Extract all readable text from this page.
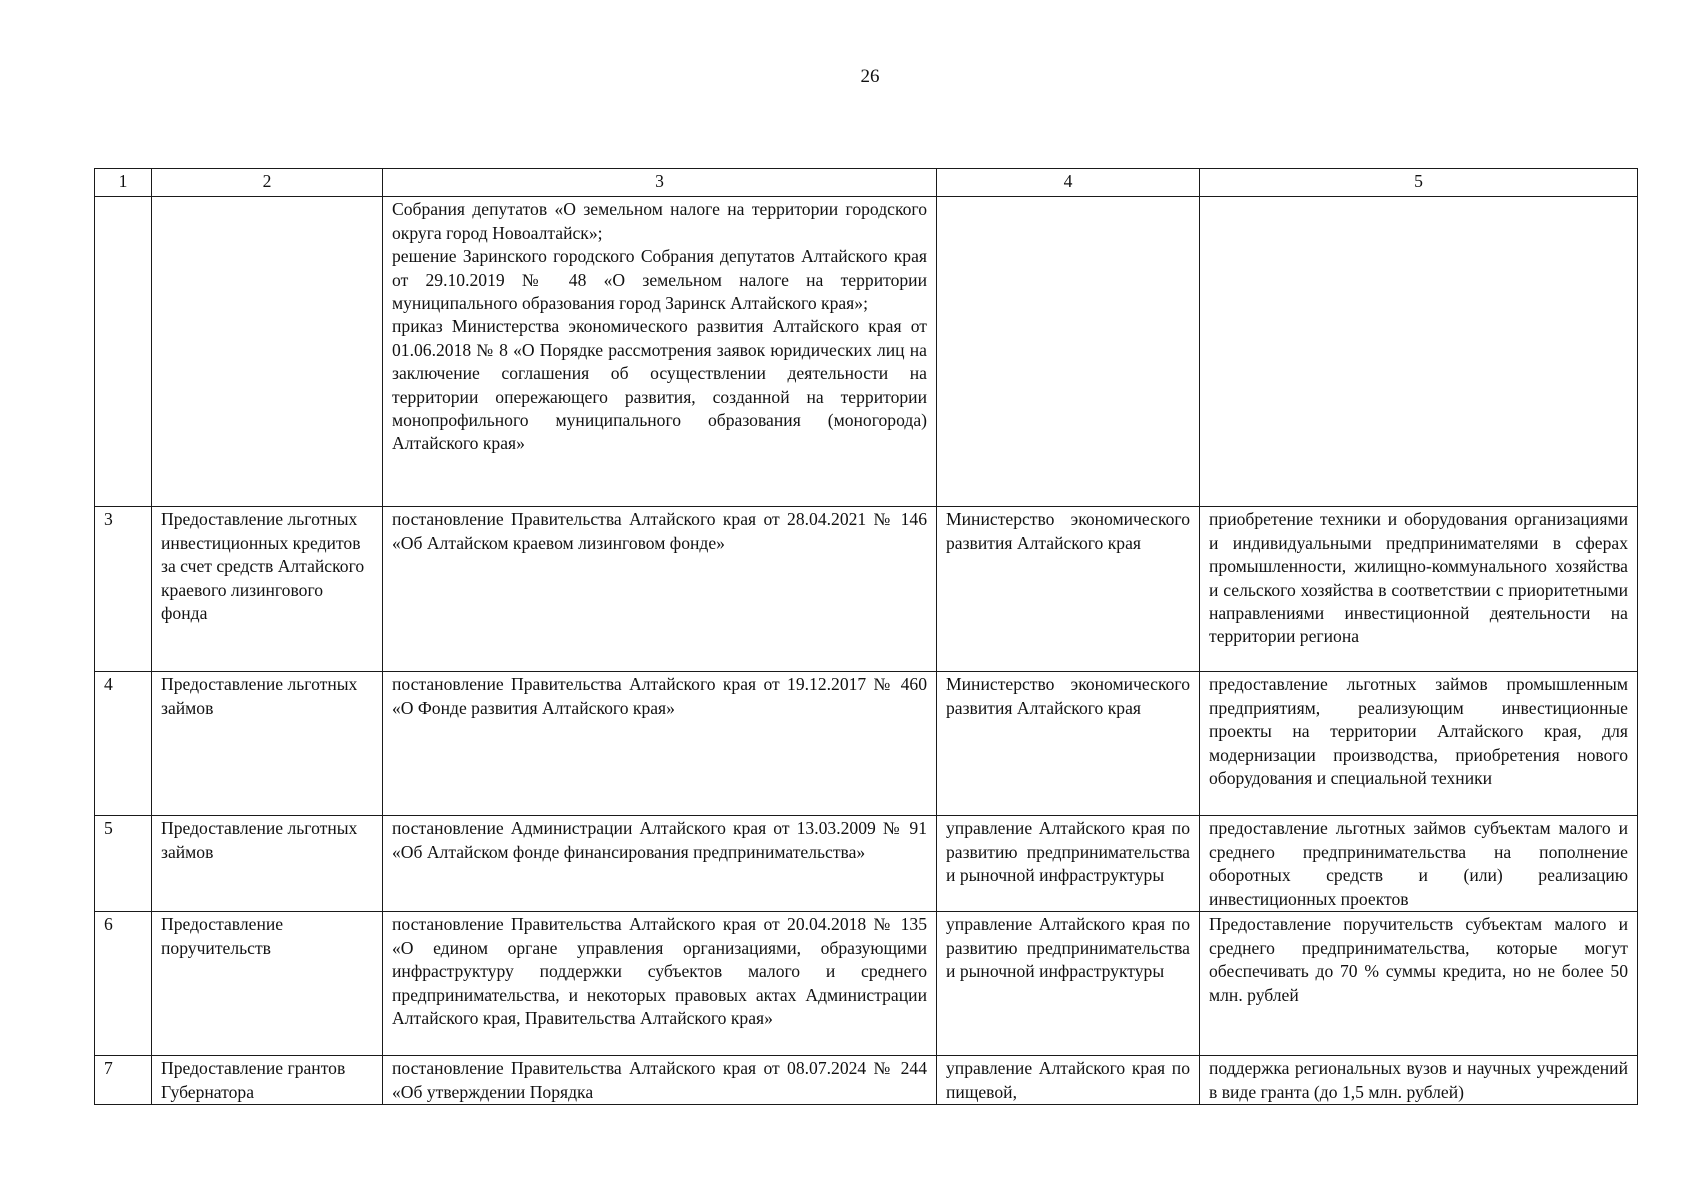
26
1	2	3	4	5
		Собрания депутатов «О земельном налоге на территории городского округа город Новоалтайск»;
решение Заринского городского Собрания депутатов Алтайского края от 29.10.2019 № 48 «О земельном налоге на территории муниципального образования город Заринск Алтайского края»;
приказ Министерства экономического развития Алтайского края от 01.06.2018 № 8 «О Порядке рассмотрения заявок юридических лиц на заключение соглашения об осуществлении деятельности на территории опережающего развития, созданной на территории монопрофильного муниципального образования (моногорода) Алтайского края»		
3	Предоставление льготных инвестиционных кредитов за счет средств Алтайского краевого лизингового фонда	постановление Правительства Алтайского края от 28.04.2021 № 146 «Об Алтайском краевом лизинговом фонде»	Министерство экономического развития Алтайского края	приобретение техники и оборудования организациями и индивидуальными предпринимателями в сферах промышленности, жилищно-коммунального хозяйства и сельского хозяйства в соответствии с приоритетными направлениями инвестиционной деятельности на территории региона
4	Предоставление льготных займов	постановление Правительства Алтайского края от 19.12.2017 № 460 «О Фонде развития Алтайского края»	Министерство экономического развития Алтайского края	предоставление льготных займов промышленным предприятиям, реализующим инвестиционные проекты на территории Алтайского края, для модернизации производства, приобретения нового оборудования и специальной техники
5	Предоставление льготных займов	постановление Администрации Алтайского края от 13.03.2009 № 91 «Об Алтайском фонде финансирования предпринимательства»	управление Алтайского края по развитию предпринимательства и рыночной инфраструктуры	предоставление льготных займов субъектам малого и среднего предпринимательства на пополнение оборотных средств и (или) реализацию инвестиционных проектов
6	Предоставление поручительств	постановление Правительства Алтайского края от 20.04.2018 № 135 «О едином органе управления организациями, образующими инфраструктуру поддержки субъектов малого и среднего предпринимательства, и некоторых правовых актах Администрации Алтайского края, Правительства Алтайского края»	управление Алтайского края по развитию предпринимательства и рыночной инфраструктуры	Предоставление поручительств субъектам малого и среднего предпринимательства, которые могут обеспечивать до 70 % суммы кредита, но не более 50 млн. рублей
7	Предоставление грантов Губернатора	постановление Правительства Алтайского края от 08.07.2024 № 244 «Об утверждении Порядка	управление Алтайского края по пищевой,	поддержка региональных вузов и научных учреждений в виде гранта (до 1,5 млн. рублей)
